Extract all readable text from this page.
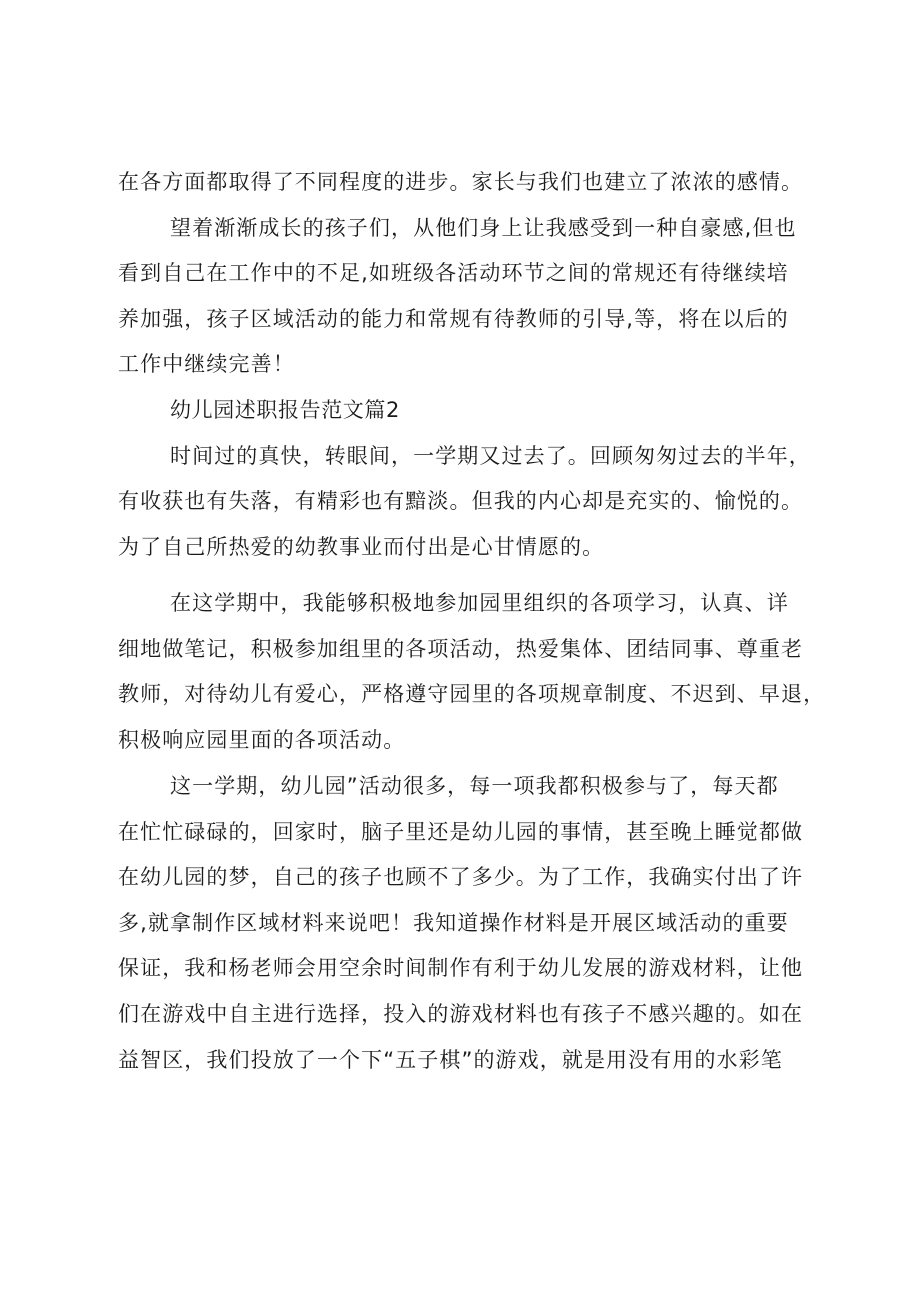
在各方面都取得了不同程度的进步。家长与我们也建立了浓浓的感情。
望着渐渐成长的孩子们，从他们身上让我感受到一种自豪感,但也
看到自己在工作中的不足,如班级各活动环节之间的常规还有待继续培
养加强，孩子区域活动的能力和常规有待教师的引导,等，将在以后的
工作中继续完善！
幼儿园述职报告范文篇2
时间过的真快，转眼间，一学期又过去了。回顾匆匆过去的半年，
有收获也有失落，有精彩也有黯淡。但我的内心却是充实的、愉悦的。
为了自己所热爱的幼教事业而付出是心甘情愿的。
在这学期中，我能够积极地参加园里组织的各项学习，认真、详
细地做笔记，积极参加组里的各项活动，热爱集体、团结同事、尊重老
教师，对待幼儿有爱心，严格遵守园里的各项规章制度、不迟到、早退，
积极响应园里面的各项活动。
这一学期，幼儿园”活动很多，每一项我都积极参与了，每天都
在忙忙碌碌的，回家时，脑子里还是幼儿园的事情，甚至晚上睡觉都做
在幼儿园的梦，自己的孩子也顾不了多少。为了工作，我确实付出了许
多,就拿制作区域材料来说吧！我知道操作材料是开展区域活动的重要
保证，我和杨老师会用空余时间制作有利于幼儿发展的游戏材料，让他
们在游戏中自主进行选择，投入的游戏材料也有孩子不感兴趣的。如在
益智区，我们投放了一个下“五子棋”的游戏，就是用没有用的水彩笔
